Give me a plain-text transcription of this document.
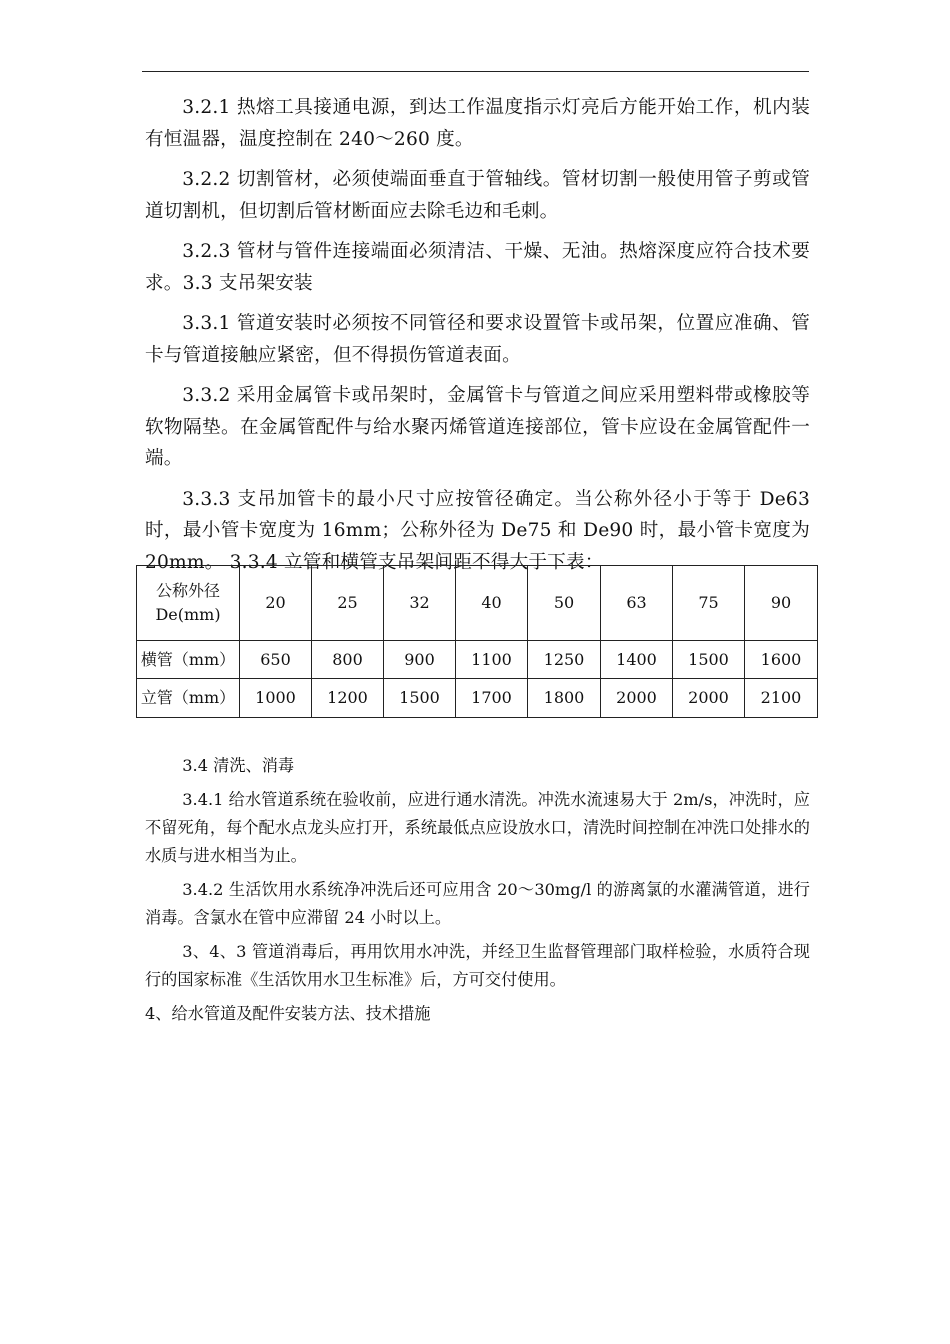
3.2.1 热熔工具接通电源，到达工作温度指示灯亮后方能开始工作，机内装有恒温器，温度控制在 240～260 度。

3.2.2 切割管材，必须使端面垂直于管轴线。管材切割一般使用管子剪或管道切割机，但切割后管材断面应去除毛边和毛刺。

3.2.3 管材与管件连接端面必须清洁、干燥、无油。热熔深度应符合技术要求。3.3 支吊架安装

3.3.1 管道安装时必须按不同管径和要求设置管卡或吊架，位置应准确、管卡与管道接触应紧密，但不得损伤管道表面。

3.3.2 采用金属管卡或吊架时，金属管卡与管道之间应采用塑料带或橡胶等软物隔垫。在金属管配件与给水聚丙烯管道连接部位，管卡应设在金属管配件一端。

3.3.3 支吊加管卡的最小尺寸应按管径确定。当公称外径小于等于 De63 时，最小管卡宽度为 16mm；公称外径为 De75 和 De90 时，最小管卡宽度为 20mm。 3.3.4 立管和横管支吊架间距不得大于下表：

公称外径
De(mm)	20	25	32	40	50	63	75	90
横管（mm）	650	800	900	1100	1250	1400	1500	1600
立管（mm）	1000	1200	1500	1700	1800	2000	2000	2100

3.4 清洗、消毒

3.4.1 给水管道系统在验收前，应进行通水清洗。冲洗水流速易大于 2m/s，冲洗时，应不留死角，每个配水点龙头应打开，系统最低点应设放水口，清洗时间控制在冲洗口处排水的水质与进水相当为止。

3.4.2 生活饮用水系统净冲洗后还可应用含 20～30mg/l 的游离氯的水灌满管道，进行消毒。含氯水在管中应滞留 24 小时以上。

3、4、3 管道消毒后，再用饮用水冲洗，并经卫生监督管理部门取样检验，水质符合现行的国家标准《生活饮用水卫生标准》后，方可交付使用。

4、给水管道及配件安装方法、技术措施
